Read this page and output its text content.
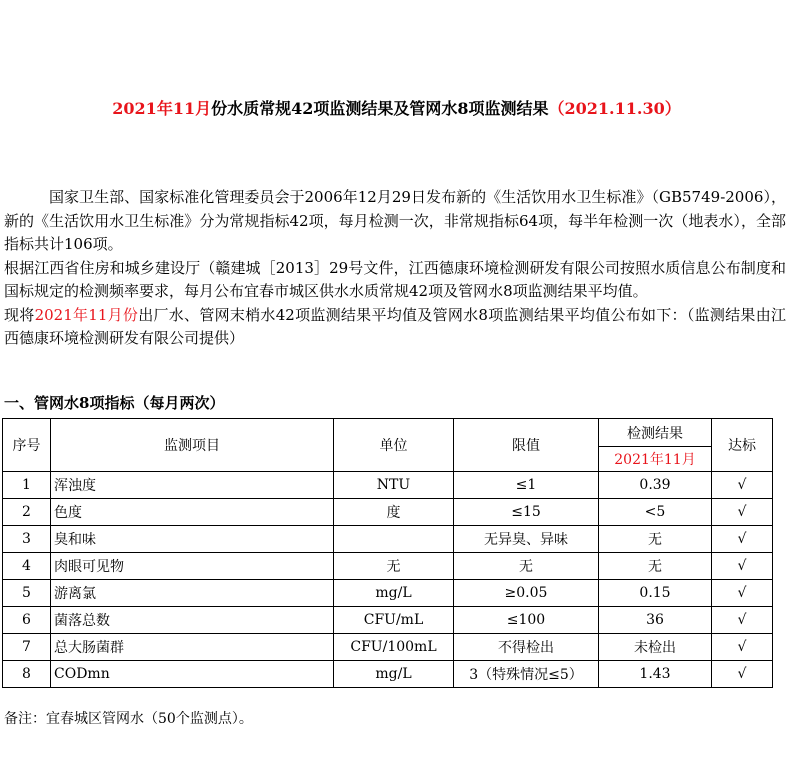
2021年11月份水质常规42项监测结果及管网水8项监测结果（2021.11.30）

国家卫生部、国家标准化管理委员会于2006年12月29日发布新的《生活饮用水卫生标准》（GB5749-2006），新的《生活饮用水卫生标准》分为常规指标42项，每月检测一次，非常规指标64项，每半年检测一次（地表水），全部指标共计106项。

根据江西省住房和城乡建设厅（赣建城［2013］29号文件，江西德康环境检测研发有限公司按照水质信息公布制度和国标规定的检测频率要求，每月公布宜春市城区供水水质常规42项及管网水8项监测结果平均值。

现将2021年11月份出厂水、管网末梢水42项监测结果平均值及管网水8项监测结果平均值公布如下：（监测结果由江西德康环境检测研发有限公司提供）

一、管网水8项指标（每月两次）
序号	监测项目	单位	限值	检测结果	达标
				2021年11月	
1	浑浊度	NTU	≤1	0.39	√
2	色度	度	≤15	<5	√
3	臭和味		无异臭、异味	无	√
4	肉眼可见物	无	无	无	√
5	游离氯	mg/L	≥0.05	0.15	√
6	菌落总数	CFU/mL	≤100	36	√
7	总大肠菌群	CFU/100mL	不得检出	未检出	√
8	CODmn	mg/L	3（特殊情况≤5）	1.43	√
备注：宜春城区管网水（50个监测点）。
